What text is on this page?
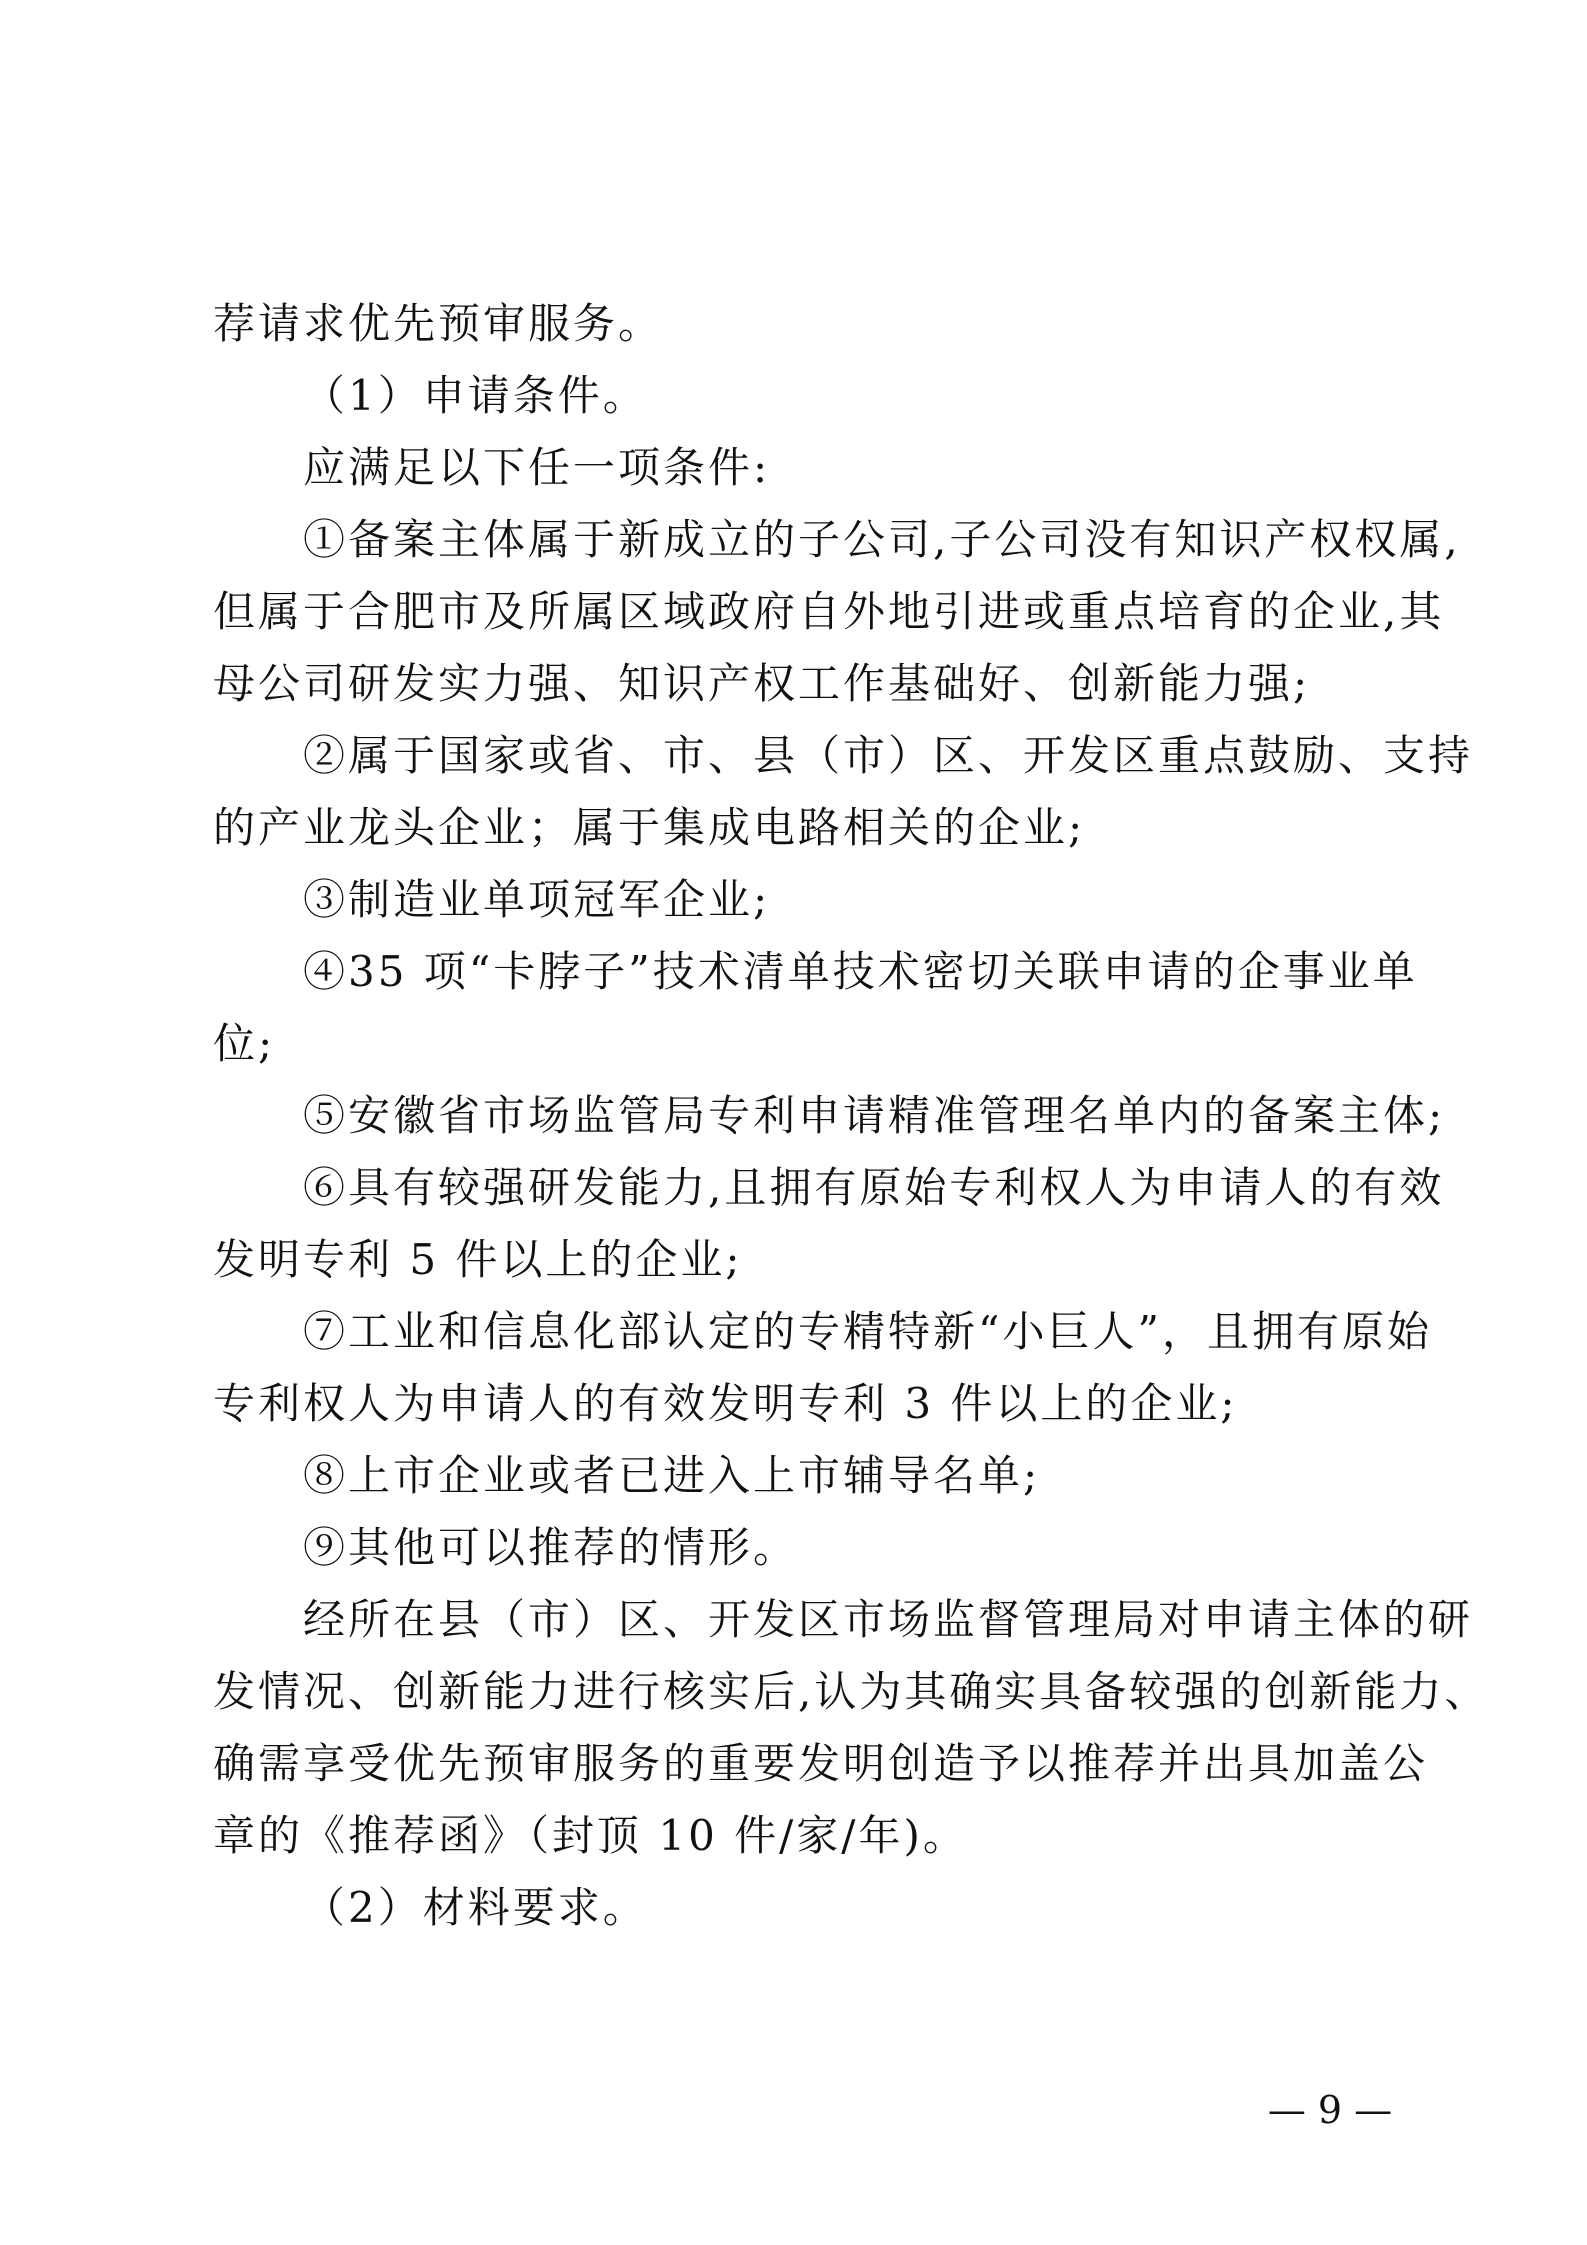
荐请求优先预审服务。

（1）申请条件。

应满足以下任一项条件:

①备案主体属于新成立的子公司,子公司没有知识产权权属,

但属于合肥市及所属区域政府自外地引进或重点培育的企业,其

母公司研发实力强、知识产权工作基础好、创新能力强;

②属于国家或省、市、县（市）区、开发区重点鼓励、支持

的产业龙头企业；属于集成电路相关的企业;

③制造业单项冠军企业;

④35 项“卡脖子”技术清单技术密切关联申请的企事业单

位;

⑤安徽省市场监管局专利申请精准管理名单内的备案主体;

⑥具有较强研发能力,且拥有原始专利权人为申请人的有效

发明专利 5 件以上的企业;

⑦工业和信息化部认定的专精特新“小巨人”，且拥有原始

专利权人为申请人的有效发明专利 3 件以上的企业;

⑧上市企业或者已进入上市辅导名单;

⑨其他可以推荐的情形。

经所在县（市）区、开发区市场监督管理局对申请主体的研

发情况、创新能力进行核实后,认为其确实具备较强的创新能力、

确需享受优先预审服务的重要发明创造予以推荐并出具加盖公

章的《推荐函》（封顶 10 件/家/年)。

（2）材料要求。

— 9 —
